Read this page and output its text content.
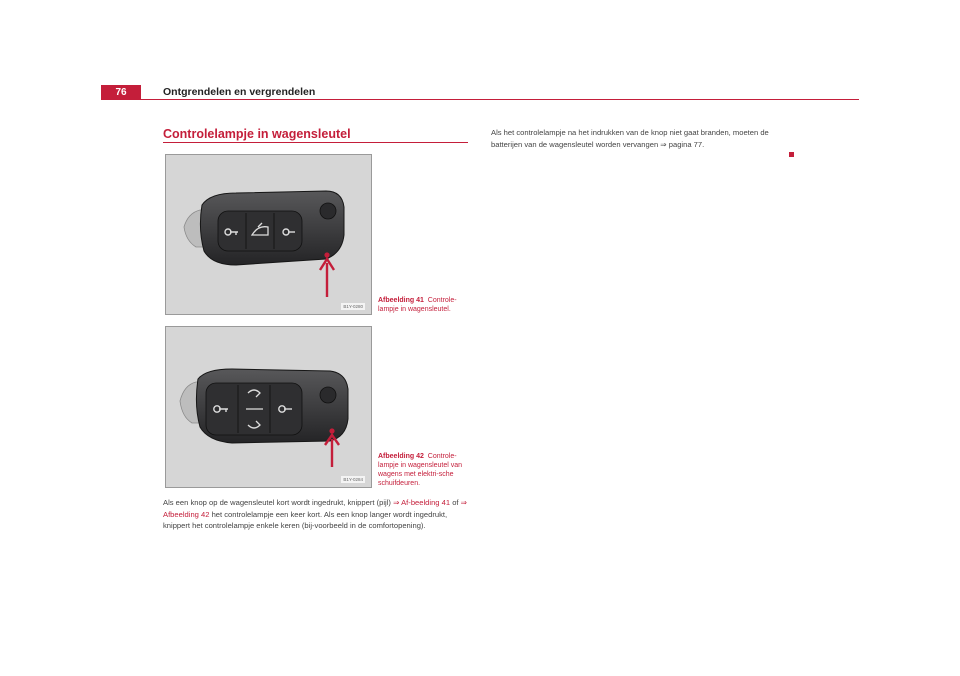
76	Ontgrendelen en vergrendelen
Controlelampje in wagensleutel
B1Y-0280
Afbeelding 41 Controle-lampje in wagensleutel.
B1Y-0284
Afbeelding 42 Controle-lampje in wagensleutel van wagens met elektri-sche schuifdeuren.
Als een knop op de wagensleutel kort wordt ingedrukt, knippert (pijl) ⇒ Af-beelding 41 of ⇒ Afbeelding 42 het controlelampje een keer kort. Als een knop langer wordt ingedrukt, knippert het controlelampje enkele keren (bij-voorbeeld in de comfortopening).
Als het controlelampje na het indrukken van de knop niet gaat branden, moeten de batterijen van de wagensleutel worden vervangen ⇒ pagina 77.
